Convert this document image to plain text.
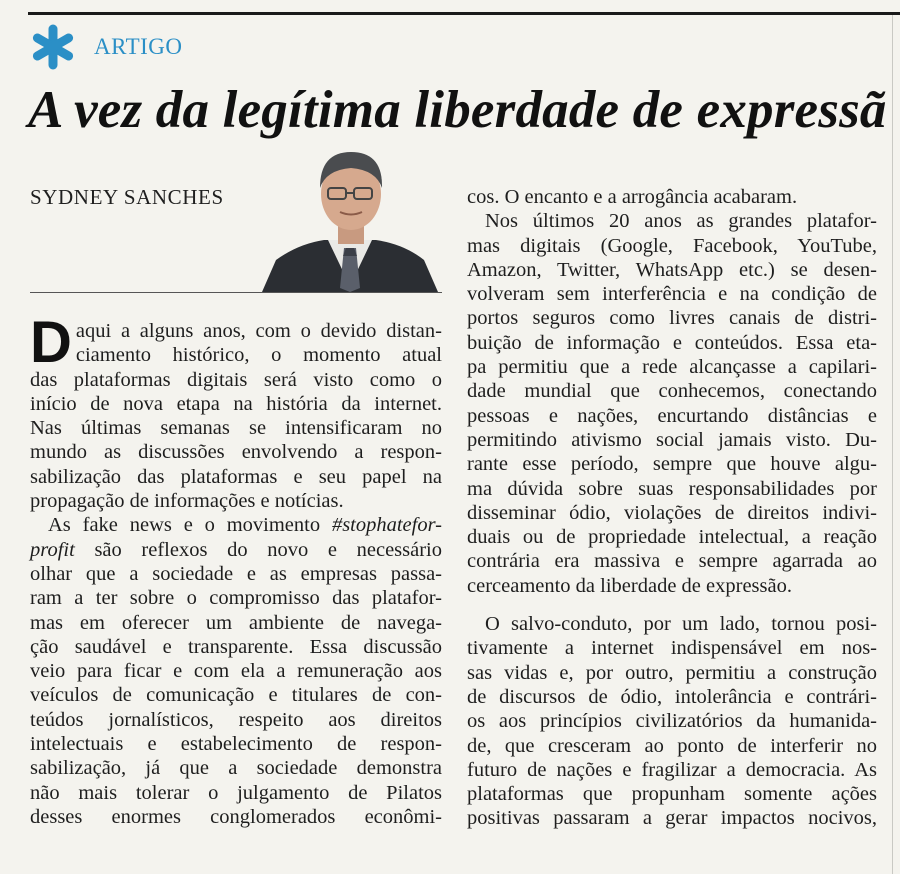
ARTIGO
A vez da legítima liberdade de expressã
SYDNEY SANCHES
D aqui a alguns anos, com o devido distan-
ciamento histórico, o momento atual
das plataformas digitais será visto como o
início de nova etapa na história da internet.
Nas últimas semanas se intensificaram no
mundo as discussões envolvendo a respon-
sabilização das plataformas e seu papel na
propagação de informações e notícias.
As fake news e o movimento #stophatefor-
profit são reflexos do novo e necessário
olhar que a sociedade e as empresas passa-
ram a ter sobre o compromisso das platafor-
mas em oferecer um ambiente de navega-
ção saudável e transparente. Essa discussão
veio para ficar e com ela a remuneração aos
veículos de comunicação e titulares de con-
teúdos jornalísticos, respeito aos direitos
intelectuais e estabelecimento de respon-
sabilização, já que a sociedade demonstra
não mais tolerar o julgamento de Pilatos
desses enormes conglomerados econômi-
cos. O encanto e a arrogância acabaram.
Nos últimos 20 anos as grandes platafor-
mas digitais (Google, Facebook, YouTube,
Amazon, Twitter, WhatsApp etc.) se desen-
volveram sem interferência e na condição de
portos seguros como livres canais de distri-
buição de informação e conteúdos. Essa eta-
pa permitiu que a rede alcançasse a capilari-
dade mundial que conhecemos, conectando
pessoas e nações, encurtando distâncias e
permitindo ativismo social jamais visto. Du-
rante esse período, sempre que houve algu-
ma dúvida sobre suas responsabilidades por
disseminar ódio, violações de direitos indivi-
duais ou de propriedade intelectual, a reação
contrária era massiva e sempre agarrada ao
cerceamento da liberdade de expressão.
O salvo-conduto, por um lado, tornou posi-
tivamente a internet indispensável em nos-
sas vidas e, por outro, permitiu a construção
de discursos de ódio, intolerância e contrári-
os aos princípios civilizatórios da humanida-
de, que cresceram ao ponto de interferir no
futuro de nações e fragilizar a democracia. As
plataformas que propunham somente ações
positivas passaram a gerar impactos nocivos,
